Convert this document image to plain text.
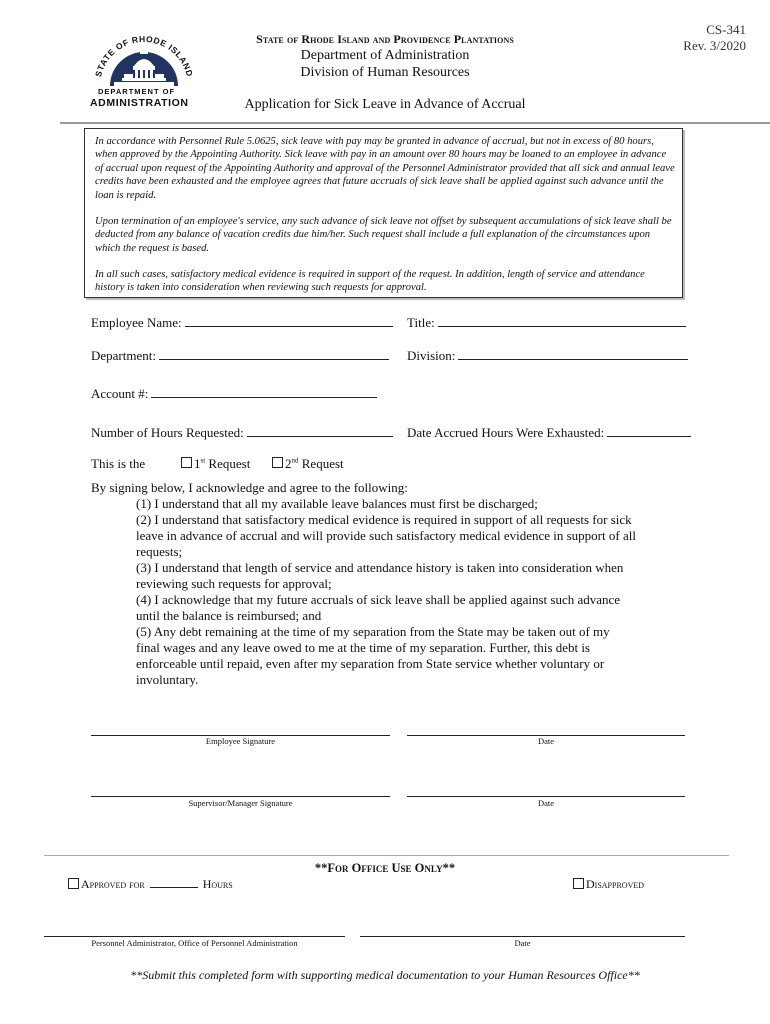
STATE OF RHODE ISLAND
DEPARTMENT OF
ADMINISTRATION
State of Rhode Island and Providence Plantations
Department of Administration
Division of Human Resources
CS-341
Rev. 3/2020
Application for Sick Leave in Advance of Accrual

In accordance with Personnel Rule 5.0625, sick leave with pay may be granted in advance of accrual, but not in excess of 80 hours, when approved by the Appointing Authority. Sick leave with pay in an amount over 80 hours may be loaned to an employee in advance of accrual upon request of the Appointing Authority and approval of the Personnel Administrator provided that all sick and annual leave credits have been exhausted and the employee agrees that future accruals of sick leave shall be applied against such advance until the loan is repaid.

Upon termination of an employee's service, any such advance of sick leave not offset by subsequent accumulations of sick leave shall be deducted from any balance of vacation credits due him/her. Such request shall include a full explanation of the circumstances upon which the request is based.

In all such cases, satisfactory medical evidence is required in support of the request. In addition, length of service and attendance history is taken into consideration when reviewing such requests for approval.

Employee Name:	Title:
Department:	Division:
Account #:
Number of Hours Requested:	Date Accrued Hours Were Exhausted:
This is the	1st Request	2nd Request
By signing below, I acknowledge and agree to the following:

(1) I understand that all my available leave balances must first be discharged;

(2) I understand that satisfactory medical evidence is required in support of all requests for sick leave in advance of accrual and will provide such satisfactory medical evidence in support of all requests;

(3) I understand that length of service and attendance history is taken into consideration when reviewing such requests for approval;

(4) I acknowledge that my future accruals of sick leave shall be applied against such advance until the balance is reimbursed; and

(5) Any debt remaining at the time of my separation from the State may be taken out of my final wages and any leave owed to me at the time of my separation. Further, this debt is enforceable until repaid, even after my separation from State service whether voluntary or involuntary.

Employee Signature	Date
Supervisor/Manager Signature	Date
**For Office Use Only**
Approved for	Hours	Disapproved
Personnel Administrator, Office of Personnel Administration	Date
**Submit this completed form with supporting medical documentation to your Human Resources Office**
